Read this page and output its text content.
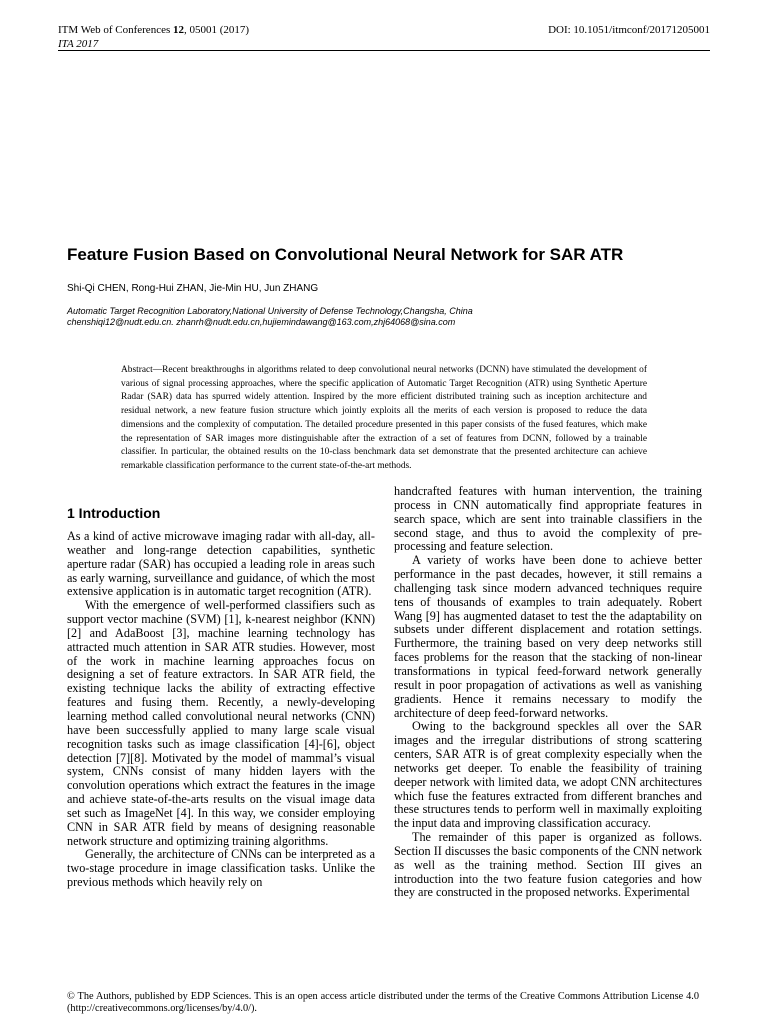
ITM Web of Conferences 12, 05001 (2017)	DOI: 10.1051/itmconf/20171205001
ITA 2017
Feature Fusion Based on Convolutional Neural Network for SAR ATR
Shi-Qi CHEN, Rong-Hui ZHAN, Jie-Min HU, Jun ZHANG
Automatic Target Recognition Laboratory,National University of Defense Technology,Changsha, China
chenshiqi12@nudt.edu.cn. zhanrh@nudt.edu.cn,hujiemindawang@163.com,zhj64068@sina.com
Abstract—Recent breakthroughs in algorithms related to deep convolutional neural networks (DCNN) have stimulated the development of various of signal processing approaches, where the specific application of Automatic Target Recognition (ATR) using Synthetic Aperture Radar (SAR) data has spurred widely attention. Inspired by the more efficient distributed training such as inception architecture and residual network, a new feature fusion structure which jointly exploits all the merits of each version is proposed to reduce the data dimensions and the complexity of computation. The detailed procedure presented in this paper consists of the fused features, which make the representation of SAR images more distinguishable after the extraction of a set of features from DCNN, followed by a trainable classifier. In particular, the obtained results on the 10-class benchmark data set demonstrate that the presented architecture can achieve remarkable classification performance to the current state-of-the-art methods.
1 Introduction

As a kind of active microwave imaging radar with all-day, all-weather and long-range detection capabilities, synthetic aperture radar (SAR) has occupied a leading role in areas such as early warning, surveillance and guidance, of which the most extensive application is in automatic target recognition (ATR).

With the emergence of well-performed classifiers such as support vector machine (SVM) [1], k-nearest neighbor (KNN) [2] and AdaBoost [3], machine learning technology has attracted much attention in SAR ATR studies. However, most of the work in machine learning approaches focus on designing a set of feature extractors. In SAR ATR field, the existing technique lacks the ability of extracting effective features and fusing them. Recently, a newly-developing learning method called convolutional neural networks (CNN) have been successfully applied to many large scale visual recognition tasks such as image classification [4]-[6], object detection [7][8]. Motivated by the model of mammal’s visual system, CNNs consist of many hidden layers with the convolution operations which extract the features in the image and achieve state-of-the-arts results on the visual image data set such as ImageNet [4]. In this way, we consider employing CNN in SAR ATR field by means of designing reasonable network structure and optimizing training algorithms.

Generally, the architecture of CNNs can be interpreted as a two-stage procedure in image classification tasks. Unlike the previous methods which heavily rely on

handcrafted features with human intervention, the training process in CNN automatically find appropriate features in search space, which are sent into trainable classifiers in the second stage, and thus to avoid the complexity of pre-processing and feature selection.

A variety of works have been done to achieve better performance in the past decades, however, it still remains a challenging task since modern advanced techniques require tens of thousands of examples to train adequately. Robert Wang [9] has augmented dataset to test the the adaptability on subsets under different displacement and rotation settings. Furthermore, the training based on very deep networks still faces problems for the reason that the stacking of non-linear transformations in typical feed-forward network generally result in poor propagation of activations as well as vanishing gradients. Hence it remains necessary to modify the architecture of deep feed-forward networks.

Owing to the background speckles all over the SAR images and the irregular distributions of strong scattering centers, SAR ATR is of great complexity especially when the networks get deeper. To enable the feasibility of training deeper network with limited data, we adopt CNN architectures which fuse the features extracted from different branches and these structures tends to perform well in maximally exploiting the input data and improving classification accuracy.

The remainder of this paper is organized as follows. Section II discusses the basic components of the CNN network as well as the training method. Section III gives an introduction into the two feature fusion categories and how they are constructed in the proposed networks. Experimental

© The Authors, published by EDP Sciences. This is an open access article distributed under the terms of the Creative Commons Attribution License 4.0 (http://creativecommons.org/licenses/by/4.0/).
